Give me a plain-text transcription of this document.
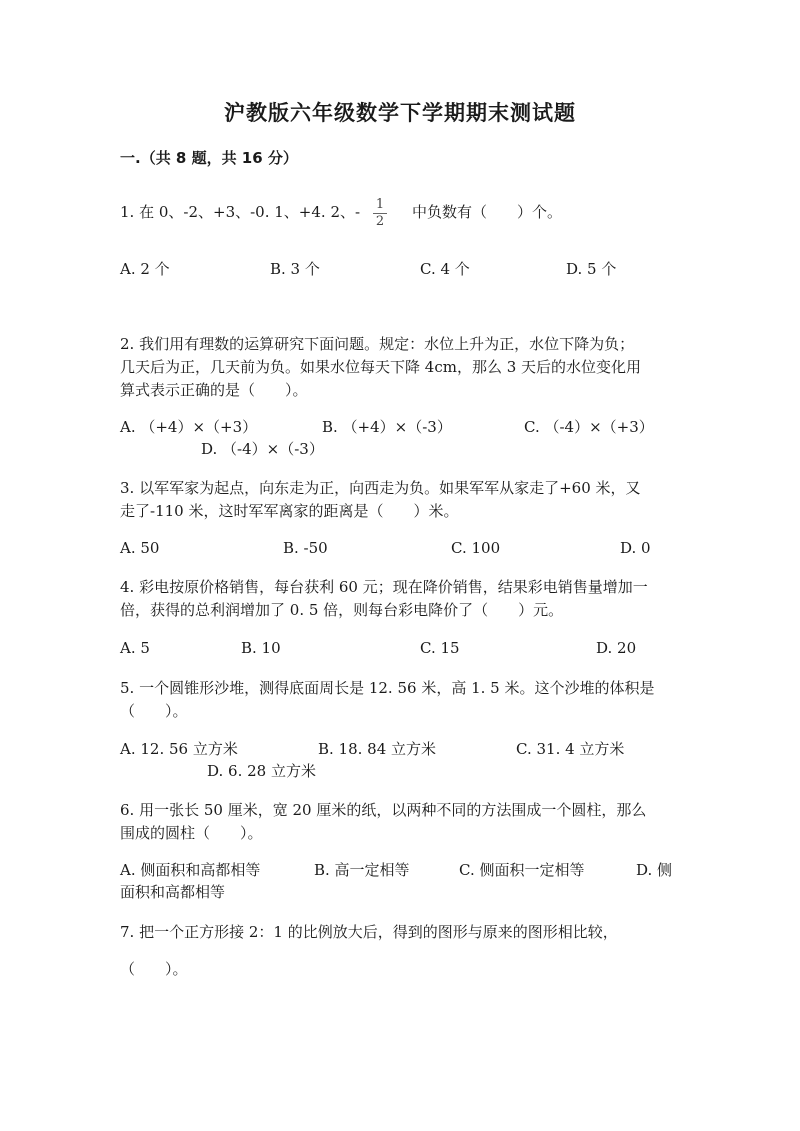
沪教版六年级数学下学期期末测试题
一.（共 8 题，共 16 分）
1. 在 0、-2、+3、-0. 1、+4. 2、- 1
2
中负数有（　　）个。
A. 2 个	B. 3 个	C. 4 个	D. 5 个
2. 我们用有理数的运算研究下面问题。规定：水位上升为正，水位下降为负；
几天后为正，几天前为负。如果水位每天下降 4cm，那么 3 天后的水位变化用
算式表示正确的是（　　）。
A. （+4）×（+3）	B. （+4）×（-3）	C. （-4）×（+3）
D. （-4）×（-3）
3. 以军军家为起点，向东走为正，向西走为负。如果军军从家走了+60 米，又
走了-110 米，这时军军离家的距离是（　　）米。
A. 50	B. -50	C. 100	D. 0
4. 彩电按原价格销售，每台获利 60 元；现在降价销售，结果彩电销售量增加一
倍，获得的总利润增加了 0. 5 倍，则每台彩电降价了（　　）元。
A. 5	B. 10	C. 15	D. 20
5. 一个圆锥形沙堆，测得底面周长是 12. 56 米，高 1. 5 米。这个沙堆的体积是
（　　）。
A. 12. 56 立方米	B. 18. 84 立方米	C. 31. 4 立方米
D. 6. 28 立方米
6. 用一张长 50 厘米，宽 20 厘米的纸，以两种不同的方法围成一个圆柱，那么
围成的圆柱（　　）。
A. 侧面积和高都相等	B. 高一定相等	C. 侧面积一定相等	D. 侧
面积和高都相等
7. 把一个正方形接 2：1 的比例放大后，得到的图形与原来的图形相比较，
（　　）。
